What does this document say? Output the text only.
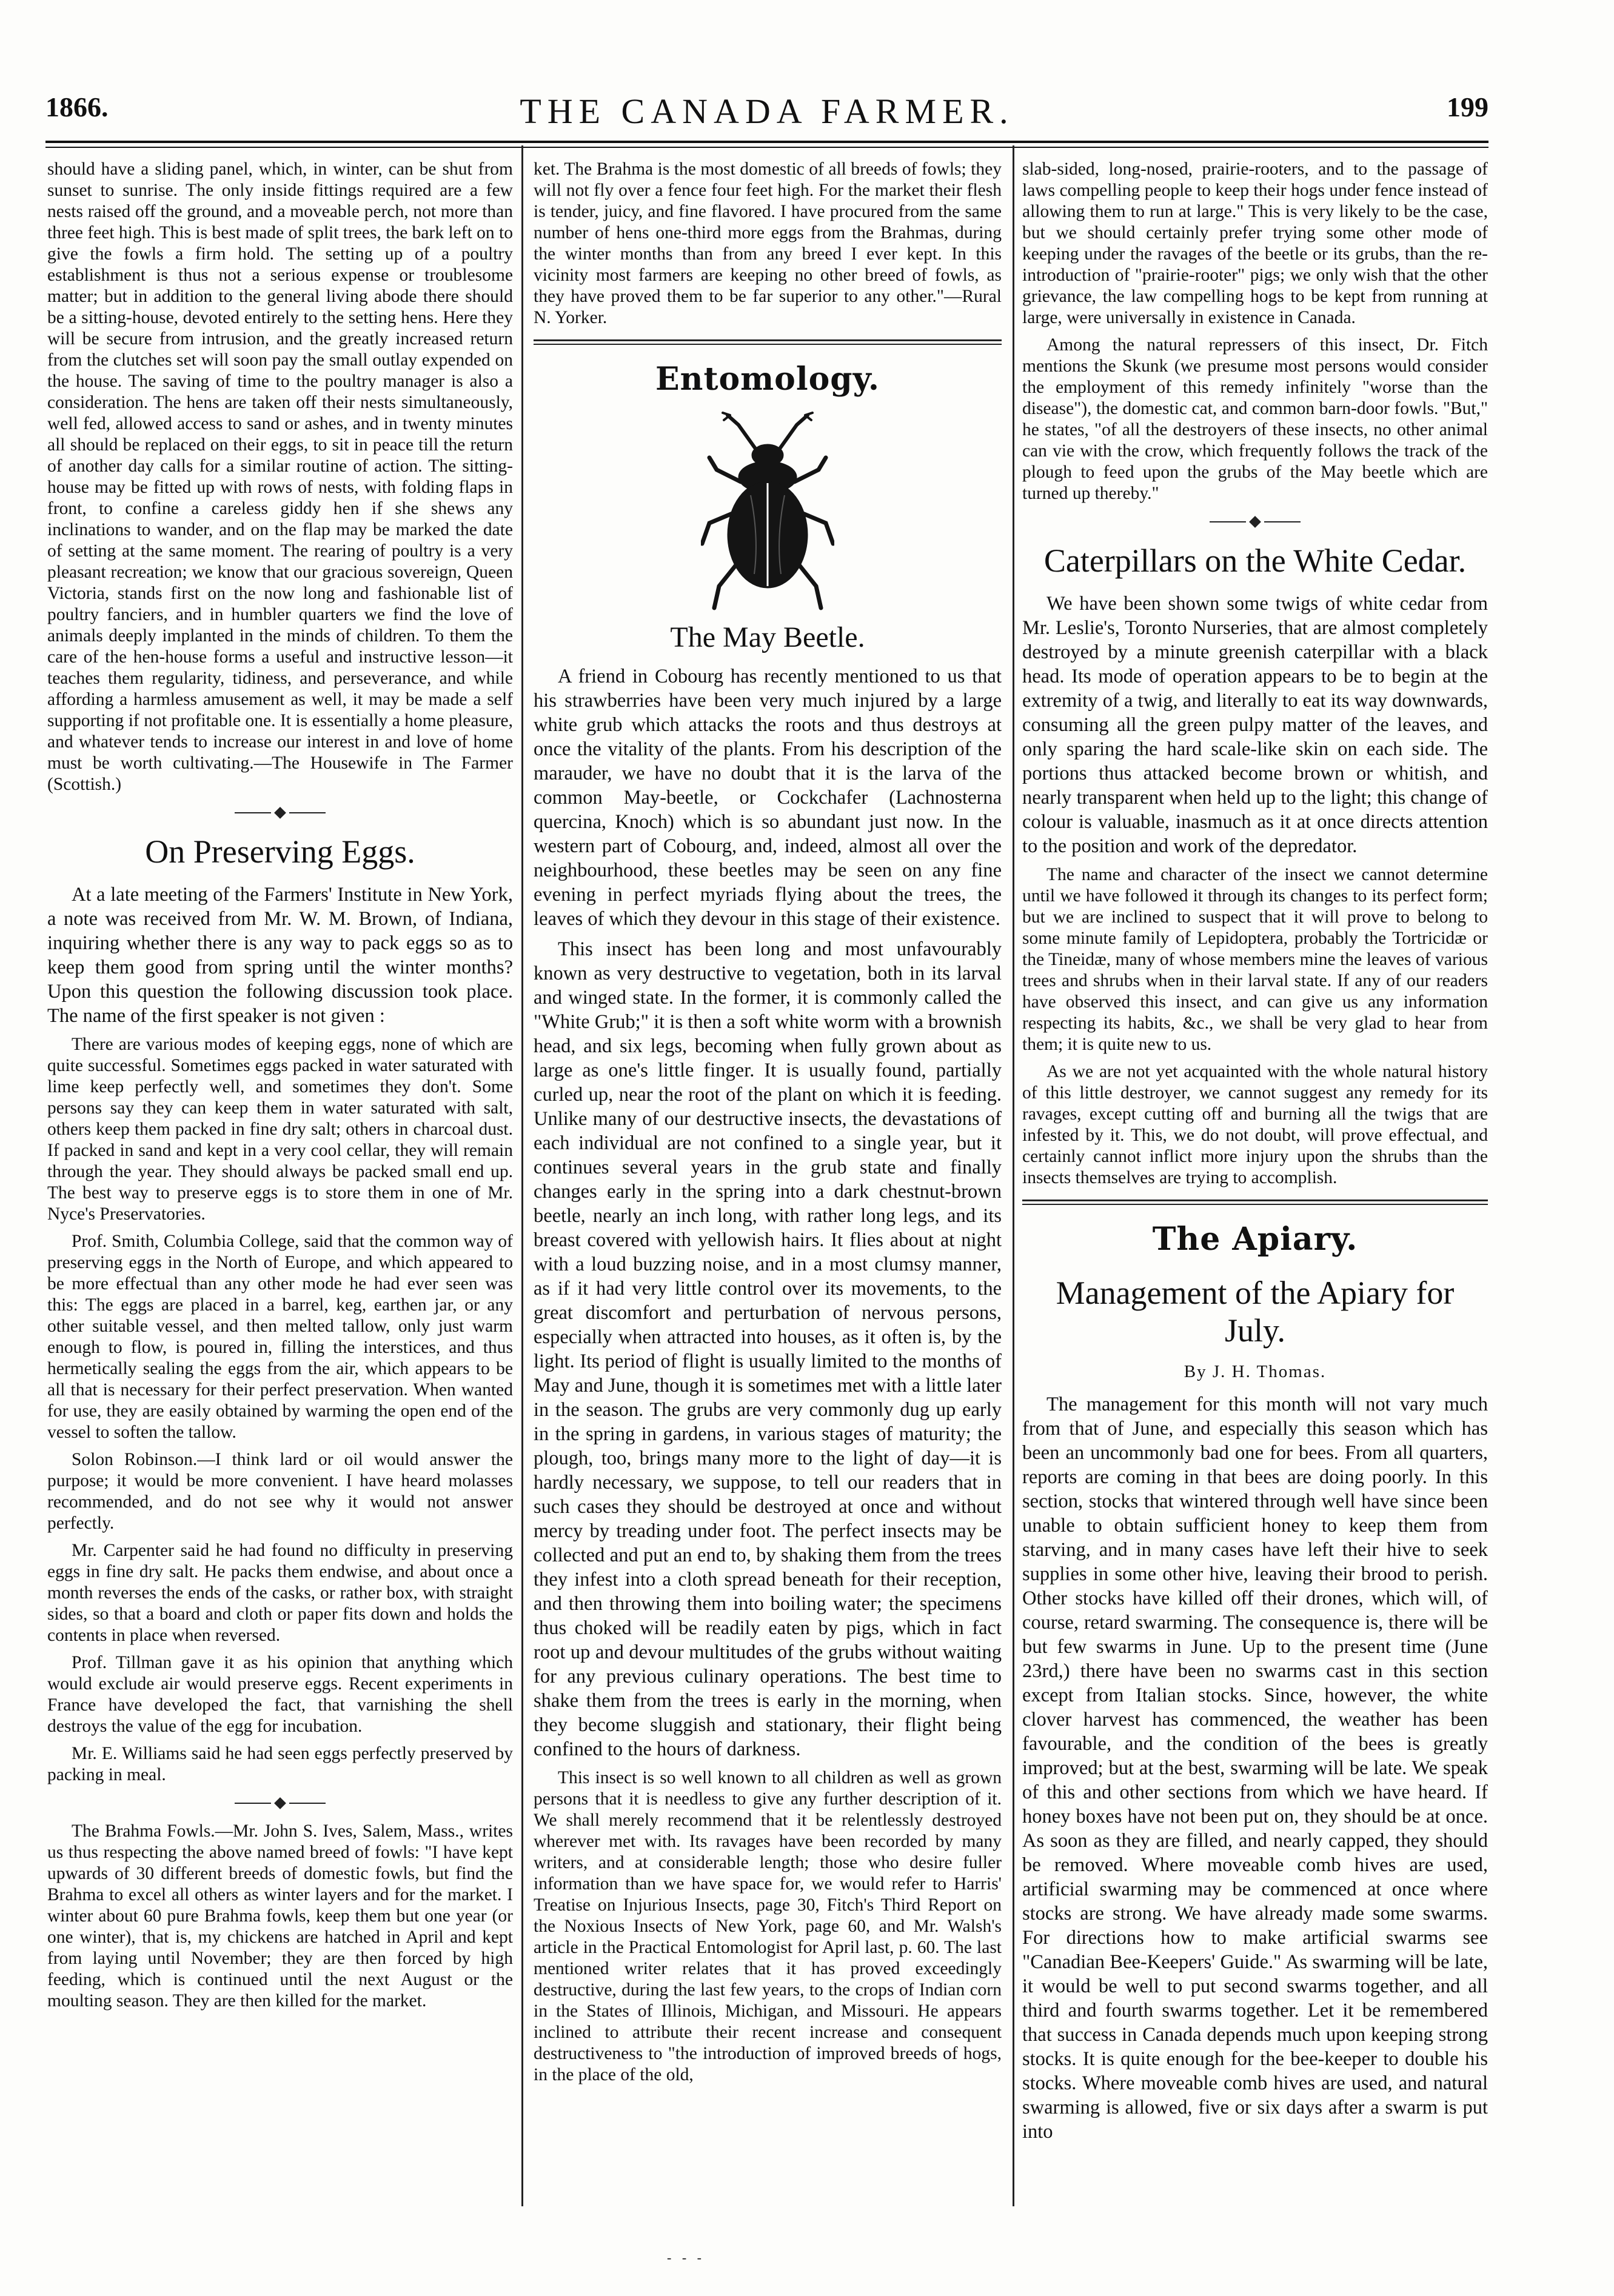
1866.	THE CANADA FARMER.	199

should have a sliding panel, which, in winter, can be shut from sunset to sunrise. The only inside fittings required are a few nests raised off the ground, and a moveable perch, not more than three feet high. This is best made of split trees, the bark left on to give the fowls a firm hold. The setting up of a poultry establishment is thus not a serious expense or troublesome matter; but in addition to the general living abode there should be a sitting-house, devoted entirely to the setting hens. Here they will be secure from intrusion, and the greatly increased return from the clutches set will soon pay the small outlay expended on the house. The saving of time to the poultry manager is also a consideration. The hens are taken off their nests simultaneously, well fed, allowed access to sand or ashes, and in twenty minutes all should be replaced on their eggs, to sit in peace till the return of another day calls for a similar routine of action. The sitting-house may be fitted up with rows of nests, with folding flaps in front, to confine a careless giddy hen if she shews any inclinations to wander, and on the flap may be marked the date of setting at the same moment. The rearing of poultry is a very pleasant recreation; we know that our gracious sovereign, Queen Victoria, stands first on the now long and fashionable list of poultry fanciers, and in humbler quarters we find the love of animals deeply implanted in the minds of children. To them the care of the hen-house forms a useful and instructive lesson—it teaches them regularity, tidiness, and perseverance, and while affording a harmless amusement as well, it may be made a self supporting if not profitable one. It is essentially a home pleasure, and whatever tends to increase our interest in and love of home must be worth cultivating.—The Housewife in The Farmer (Scottish.)

On Preserving Eggs.

At a late meeting of the Farmers' Institute in New York, a note was received from Mr. W. M. Brown, of Indiana, inquiring whether there is any way to pack eggs so as to keep them good from spring until the winter months? Upon this question the following discussion took place. The name of the first speaker is not given :

There are various modes of keeping eggs, none of which are quite successful. Sometimes eggs packed in water saturated with lime keep perfectly well, and sometimes they don't. Some persons say they can keep them in water saturated with salt, others keep them packed in fine dry salt; others in charcoal dust. If packed in sand and kept in a very cool cellar, they will remain through the year. They should always be packed small end up. The best way to preserve eggs is to store them in one of Mr. Nyce's Preservatories.

Prof. Smith, Columbia College, said that the common way of preserving eggs in the North of Europe, and which appeared to be more effectual than any other mode he had ever seen was this: The eggs are placed in a barrel, keg, earthen jar, or any other suitable vessel, and then melted tallow, only just warm enough to flow, is poured in, filling the interstices, and thus hermetically sealing the eggs from the air, which appears to be all that is necessary for their perfect preservation. When wanted for use, they are easily obtained by warming the open end of the vessel to soften the tallow.

Solon Robinson.—I think lard or oil would answer the purpose; it would be more convenient. I have heard molasses recommended, and do not see why it would not answer perfectly.

Mr. Carpenter said he had found no difficulty in preserving eggs in fine dry salt. He packs them endwise, and about once a month reverses the ends of the casks, or rather box, with straight sides, so that a board and cloth or paper fits down and holds the contents in place when reversed.

Prof. Tillman gave it as his opinion that anything which would exclude air would preserve eggs. Recent experiments in France have developed the fact, that varnishing the shell destroys the value of the egg for incubation.

Mr. E. Williams said he had seen eggs perfectly preserved by packing in meal.

The Brahma Fowls.—Mr. John S. Ives, Salem, Mass., writes us thus respecting the above named breed of fowls: "I have kept upwards of 30 different breeds of domestic fowls, but find the Brahma to excel all others as winter layers and for the market. I winter about 60 pure Brahma fowls, keep them but one year (or one winter), that is, my chickens are hatched in April and kept from laying until November; they are then forced by high feeding, which is continued until the next August or the moulting season. They are then killed for the market.

ket. The Brahma is the most domestic of all breeds of fowls; they will not fly over a fence four feet high. For the market their flesh is tender, juicy, and fine flavored. I have procured from the same number of hens one-third more eggs from the Brahmas, during the winter months than from any breed I ever kept. In this vicinity most farmers are keeping no other breed of fowls, as they have proved them to be far superior to any other."—Rural N. Yorker.

Entomology.
The May Beetle.

A friend in Cobourg has recently mentioned to us that his strawberries have been very much injured by a large white grub which attacks the roots and thus destroys at once the vitality of the plants. From his description of the marauder, we have no doubt that it is the larva of the common May-beetle, or Cockchafer (Lachnosterna quercina, Knoch) which is so abundant just now. In the western part of Cobourg, and, indeed, almost all over the neighbourhood, these beetles may be seen on any fine evening in perfect myriads flying about the trees, the leaves of which they devour in this stage of their existence.

This insect has been long and most unfavourably known as very destructive to vegetation, both in its larval and winged state. In the former, it is commonly called the "White Grub;" it is then a soft white worm with a brownish head, and six legs, becoming when fully grown about as large as one's little finger. It is usually found, partially curled up, near the root of the plant on which it is feeding. Unlike many of our destructive insects, the devastations of each individual are not confined to a single year, but it continues several years in the grub state and finally changes early in the spring into a dark chestnut-brown beetle, nearly an inch long, with rather long legs, and its breast covered with yellowish hairs. It flies about at night with a loud buzzing noise, and in a most clumsy manner, as if it had very little control over its movements, to the great discomfort and perturbation of nervous persons, especially when attracted into houses, as it often is, by the light. Its period of flight is usually limited to the months of May and June, though it is sometimes met with a little later in the season. The grubs are very commonly dug up early in the spring in gardens, in various stages of maturity; the plough, too, brings many more to the light of day—it is hardly necessary, we suppose, to tell our readers that in such cases they should be destroyed at once and without mercy by treading under foot. The perfect insects may be collected and put an end to, by shaking them from the trees they infest into a cloth spread beneath for their reception, and then throwing them into boiling water; the specimens thus choked will be readily eaten by pigs, which in fact root up and devour multitudes of the grubs without waiting for any previous culinary operations. The best time to shake them from the trees is early in the morning, when they become sluggish and stationary, their flight being confined to the hours of darkness.

This insect is so well known to all children as well as grown persons that it is needless to give any further description of it. We shall merely recommend that it be relentlessly destroyed wherever met with. Its ravages have been recorded by many writers, and at considerable length; those who desire fuller information than we have space for, we would refer to Harris' Treatise on Injurious Insects, page 30, Fitch's Third Report on the Noxious Insects of New York, page 60, and Mr. Walsh's article in the Practical Entomologist for April last, p. 60. The last mentioned writer relates that it has proved exceedingly destructive, during the last few years, to the crops of Indian corn in the States of Illinois, Michigan, and Missouri. He appears inclined to attribute their recent increase and consequent destructiveness to "the introduction of improved breeds of hogs, in the place of the old,

slab-sided, long-nosed, prairie-rooters, and to the passage of laws compelling people to keep their hogs under fence instead of allowing them to run at large." This is very likely to be the case, but we should certainly prefer trying some other mode of keeping under the ravages of the beetle or its grubs, than the re-introduction of "prairie-rooter" pigs; we only wish that the other grievance, the law compelling hogs to be kept from running at large, were universally in existence in Canada.

Among the natural repressers of this insect, Dr. Fitch mentions the Skunk (we presume most persons would consider the employment of this remedy infinitely "worse than the disease"), the domestic cat, and common barn-door fowls. "But," he states, "of all the destroyers of these insects, no other animal can vie with the crow, which frequently follows the track of the plough to feed upon the grubs of the May beetle which are turned up thereby."

Caterpillars on the White Cedar.

We have been shown some twigs of white cedar from Mr. Leslie's, Toronto Nurseries, that are almost completely destroyed by a minute greenish caterpillar with a black head. Its mode of operation appears to be to begin at the extremity of a twig, and literally to eat its way downwards, consuming all the green pulpy matter of the leaves, and only sparing the hard scale-like skin on each side. The portions thus attacked become brown or whitish, and nearly transparent when held up to the light; this change of colour is valuable, inasmuch as it at once directs attention to the position and work of the depredator.

The name and character of the insect we cannot determine until we have followed it through its changes to its perfect form; but we are inclined to suspect that it will prove to belong to some minute family of Lepidoptera, probably the Tortricidæ or the Tineidæ, many of whose members mine the leaves of various trees and shrubs when in their larval state. If any of our readers have observed this insect, and can give us any information respecting its habits, &c., we shall be very glad to hear from them; it is quite new to us.

As we are not yet acquainted with the whole natural history of this little destroyer, we cannot suggest any remedy for its ravages, except cutting off and burning all the twigs that are infested by it. This, we do not doubt, will prove effectual, and certainly cannot inflict more injury upon the shrubs than the insects themselves are trying to accomplish.

The Apiary.
Management of the Apiary for July.
By J. H. Thomas.

The management for this month will not vary much from that of June, and especially this season which has been an uncommonly bad one for bees. From all quarters, reports are coming in that bees are doing poorly. In this section, stocks that wintered through well have since been unable to obtain sufficient honey to keep them from starving, and in many cases have left their hive to seek supplies in some other hive, leaving their brood to perish. Other stocks have killed off their drones, which will, of course, retard swarming. The consequence is, there will be but few swarms in June. Up to the present time (June 23rd,) there have been no swarms cast in this section except from Italian stocks. Since, however, the white clover harvest has commenced, the weather has been favourable, and the condition of the bees is greatly improved; but at the best, swarming will be late. We speak of this and other sections from which we have heard. If honey boxes have not been put on, they should be at once. As soon as they are filled, and nearly capped, they should be removed. Where moveable comb hives are used, artificial swarming may be commenced at once where stocks are strong. We have already made some swarms. For directions how to make artificial swarms see "Canadian Bee-Keepers' Guide." As swarming will be late, it would be well to put second swarms together, and all third and fourth swarms together. Let it be remembered that success in Canada depends much upon keeping strong stocks. It is quite enough for the bee-keeper to double his stocks. Where moveable comb hives are used, and natural swarming is allowed, five or six days after a swarm is put into

- - -
